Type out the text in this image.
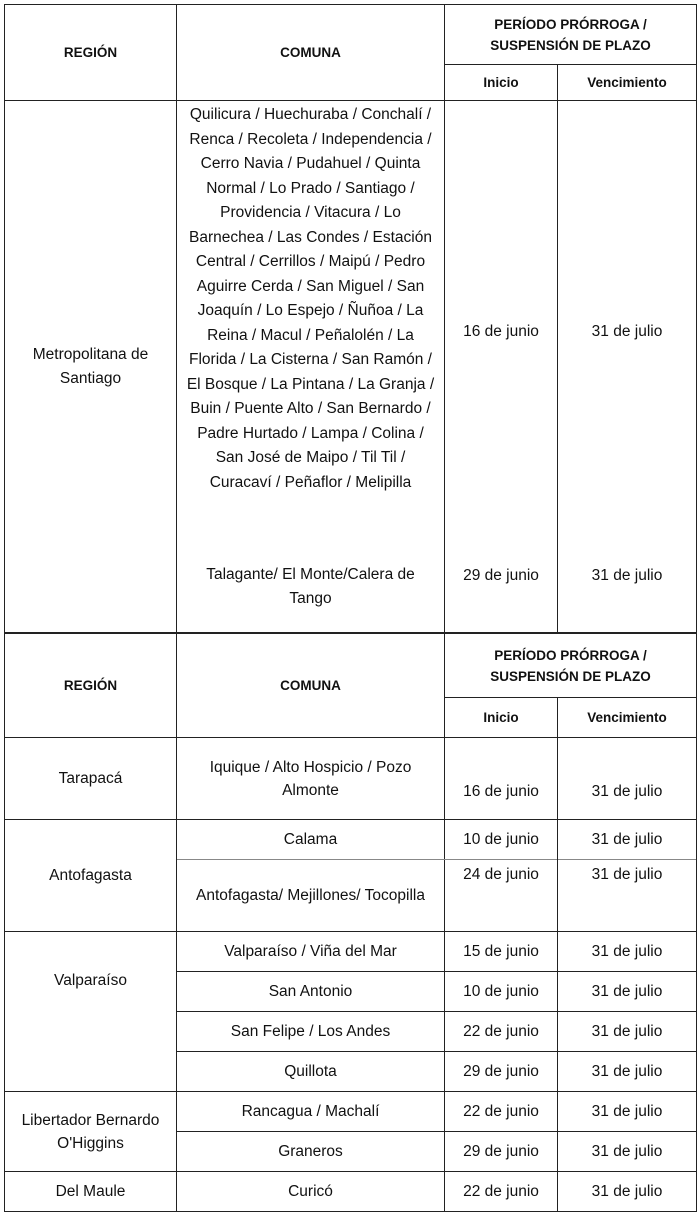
REGIÓN	COMUNA	PERÍODO PRÓRROGA / SUSPENSIÓN DE PLAZO	
		Inicio	Vencimiento
Metropolitana de Santiago	Quilicura / Huechuraba / Conchalí / Renca / Recoleta / Independencia / Cerro Navia / Pudahuel / Quinta Normal / Lo Prado / Santiago / Providencia / Vitacura / Lo Barnechea / Las Condes / Estación Central / Cerrillos / Maipú / Pedro Aguirre Cerda / San Miguel / San Joaquín / Lo Espejo / Ñuñoa / La Reina / Macul / Peñalolén / La Florida / La Cisterna / San Ramón / El Bosque / La Pintana / La Granja / Buin / Puente Alto / San Bernardo / Padre Hurtado / Lampa / Colina / San José de Maipo / Til Til / Curacaví / Peñaflor / Melipilla	16 de junio	31 de julio
	Talagante/ El Monte/Calera de Tango	29 de junio	31 de julio
REGIÓN	COMUNA	PERÍODO PRÓRROGA / SUSPENSIÓN DE PLAZO	
		Inicio	Vencimiento
Tarapacá	Iquique / Alto Hospicio / Pozo Almonte	16 de junio	31 de julio
Antofagasta	Calama	10 de junio	31 de julio
	Antofagasta/ Mejillones/ Tocopilla	24 de junio	31 de julio
Valparaíso	Valparaíso / Viña del Mar	15 de junio	31 de julio
	San Antonio	10 de junio	31 de julio
	San Felipe / Los Andes	22 de junio	31 de julio
	Quillota	29 de junio	31 de julio
Libertador Bernardo O'Higgins	Rancagua / Machalí	22 de junio	31 de julio
	Graneros	29 de junio	31 de julio
Del Maule	Curicó	22 de junio	31 de julio
